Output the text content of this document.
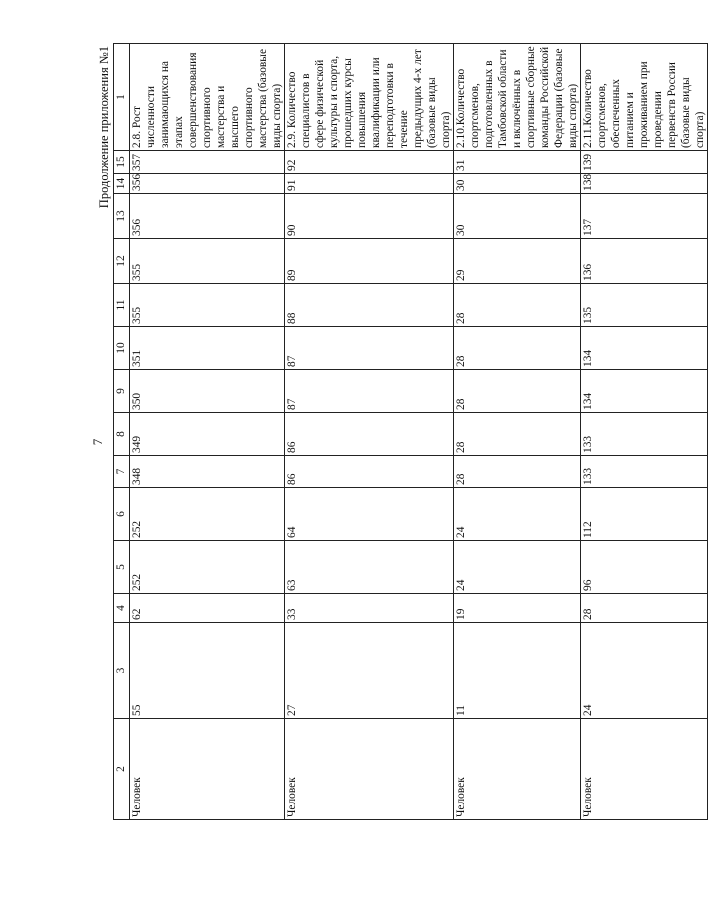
7
Продолжение приложения №1
2	3	4	5	6	7	8	9	10	11	12	13	14	15	1
Человек	55	62	252	252	348	349	350	351	355	355	356	356	357	2.8. Рост численности занимающихся на этапах совершенствования спортивного мастерства и высшего спортивного мастерства (базовые виды спорта)
Человек	27	33	63	64	86	86	87	87	88	89	90	91	92	2.9. Количество специалистов в сфере физической культуры и спорта, прошедших курсы повышения квалификации или переподготовки в течение предыдущих 4-х лет (базовые виды спорта)
Человек	11	19	24	24	28	28	28	28	28	29	30	30	31	2.10.Количество спортсменов, подготовленных в Тамбовской области и включённых в спортивные сборные команды Российской Федерации (базовые виды спорта)
Человек	24	28	96	112	133	133	134	134	135	136	137	138	139	2.11.Количество спортсменов, обеспеченных питанием и проживанием при проведении первенств России (базовые виды спорта)
